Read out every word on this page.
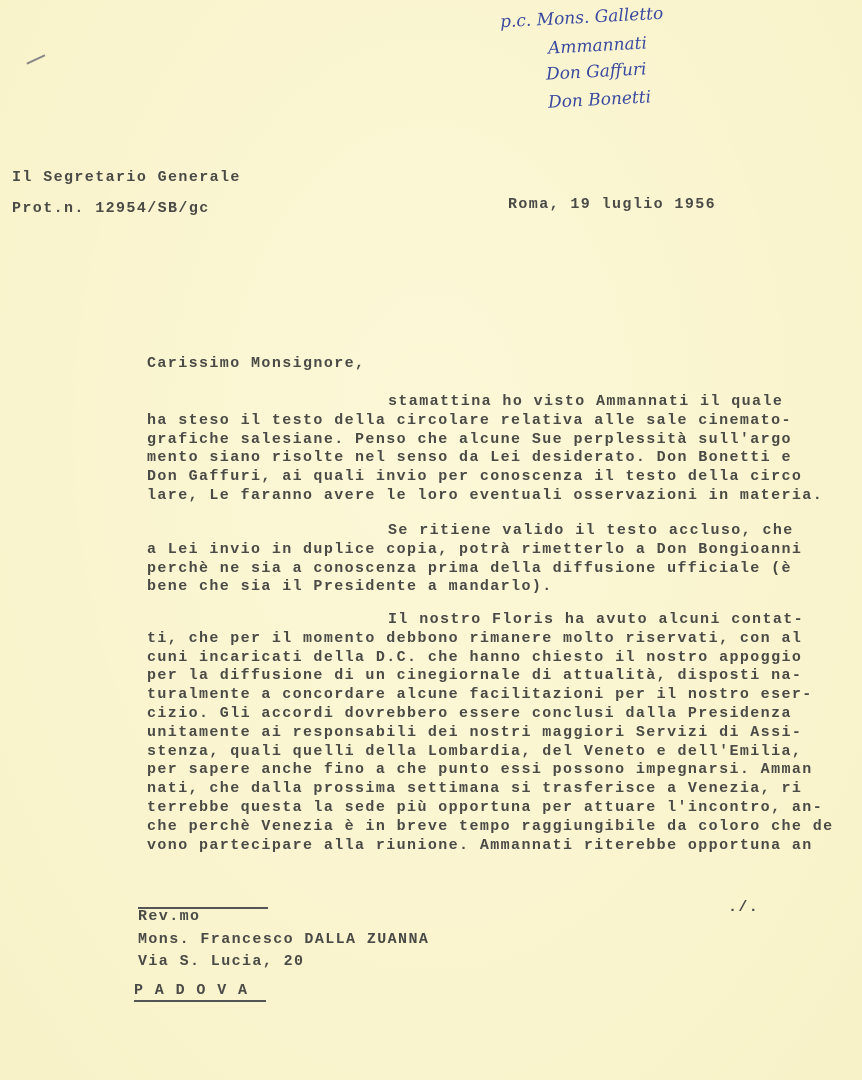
p.c. Mons. Galletto
Ammannati
Don Gaffuri
Don Bonetti
Il Segretario Generale
Prot.n. 12954/SB/gc	Roma, 19 luglio 1956
Carissimo Monsignore,
stamattina ho visto Ammannati il quale
ha steso il testo della circolare relativa alle sale cinemato-
grafiche salesiane. Penso che alcune Sue perplessità sull'argo
mento siano risolte nel senso da Lei desiderato. Don Bonetti e
Don Gaffuri, ai quali invio per conoscenza il testo della circo
lare, Le faranno avere le loro eventuali osservazioni in materia.
Se ritiene valido il testo accluso, che
a Lei invio in duplice copia, potrà rimetterlo a Don Bongioanni
perchè ne sia a conoscenza prima della diffusione ufficiale (è
bene che sia il Presidente a mandarlo).
Il nostro Floris ha avuto alcuni contat-
ti, che per il momento debbono rimanere molto riservati, con al
cuni incaricati della D.C. che hanno chiesto il nostro appoggio
per la diffusione di un cinegiornale di attualità, disposti na-
turalmente a concordare alcune facilitazioni per il nostro eser-
cizio. Gli accordi dovrebbero essere conclusi dalla Presidenza
unitamente ai responsabili dei nostri maggiori Servizi di Assi-
stenza, quali quelli della Lombardia, del Veneto e dell'Emilia,
per sapere anche fino a che punto essi possono impegnarsi. Amman
nati, che dalla prossima settimana si trasferisce a Venezia, ri
terrebbe questa la sede più opportuna per attuare l'incontro, an-
che perchè Venezia è in breve tempo raggiungibile da coloro che de
vono partecipare alla riunione. Ammannati riterebbe opportuna an
./.
Rev.mo
Mons. Francesco DALLA ZUANNA
Via S. Lucia, 20
P A D O V A
